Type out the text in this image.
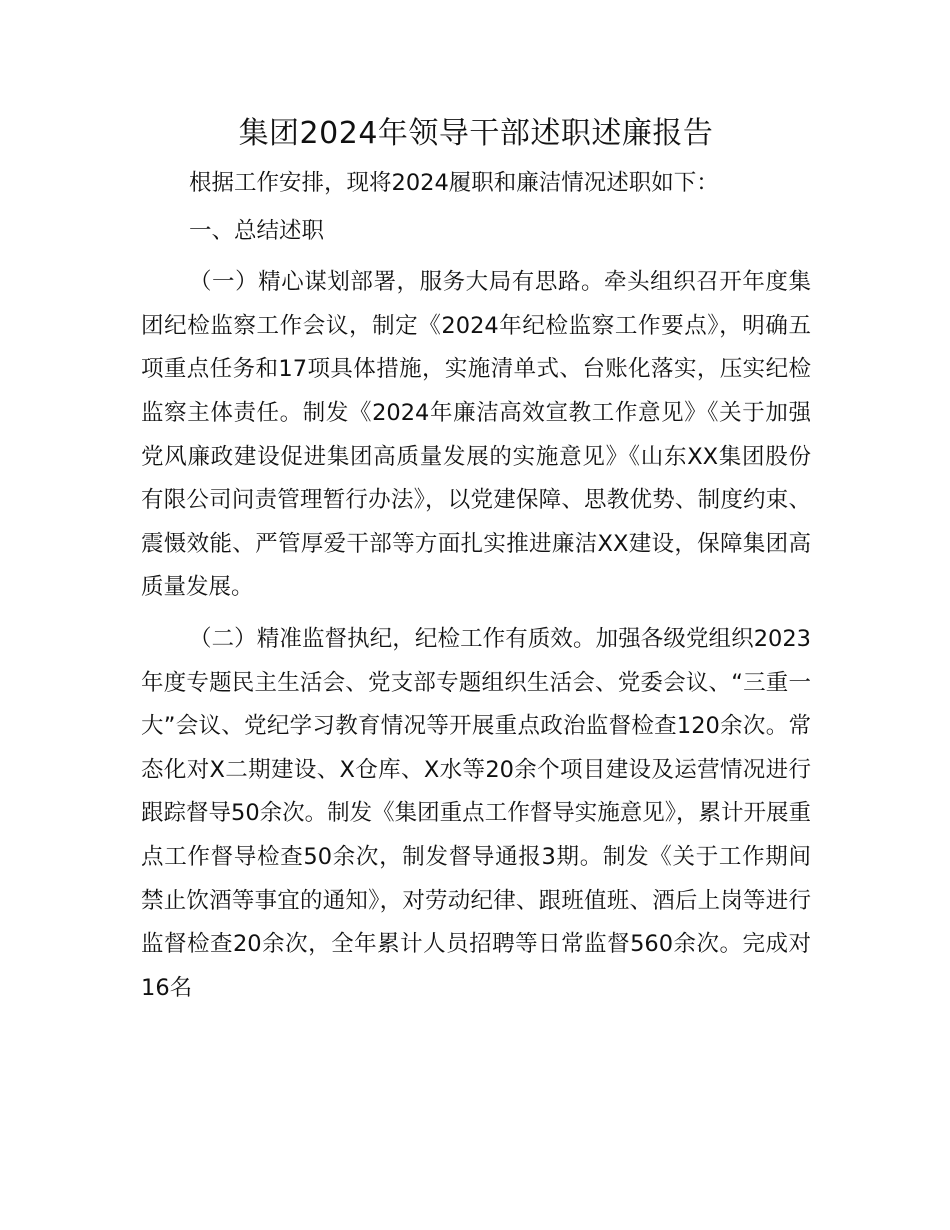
集团2024年领导干部述职述廉报告

根据工作安排，现将2024履职和廉洁情况述职如下：

一、总结述职

（一）精心谋划部署，服务大局有思路。牵头组织召开年度集团纪检监察工作会议，制定《2024年纪检监察工作要点》，明确五项重点任务和17项具体措施，实施清单式、台账化落实，压实纪检监察主体责任。制发《2024年廉洁高效宣教工作意见》《关于加强党风廉政建设促进集团高质量发展的实施意见》《山东XX集团股份有限公司问责管理暂行办法》，以党建保障、思教优势、制度约束、震慑效能、严管厚爱干部等方面扎实推进廉洁XX建设，保障集团高质量发展。

（二）精准监督执纪，纪检工作有质效。加强各级党组织2023年度专题民主生活会、党支部专题组织生活会、党委会议、“三重一大”会议、党纪学习教育情况等开展重点政治监督检查120余次。常态化对X二期建设、X仓库、X水等20余个项目建设及运营情况进行跟踪督导50余次。制发《集团重点工作督导实施意见》，累计开展重点工作督导检查50余次，制发督导通报3期。制发《关于工作期间禁止饮酒等事宜的通知》，对劳动纪律、跟班值班、酒后上岗等进行监督检查20余次，全年累计人员招聘等日常监督560余次。完成对16名
